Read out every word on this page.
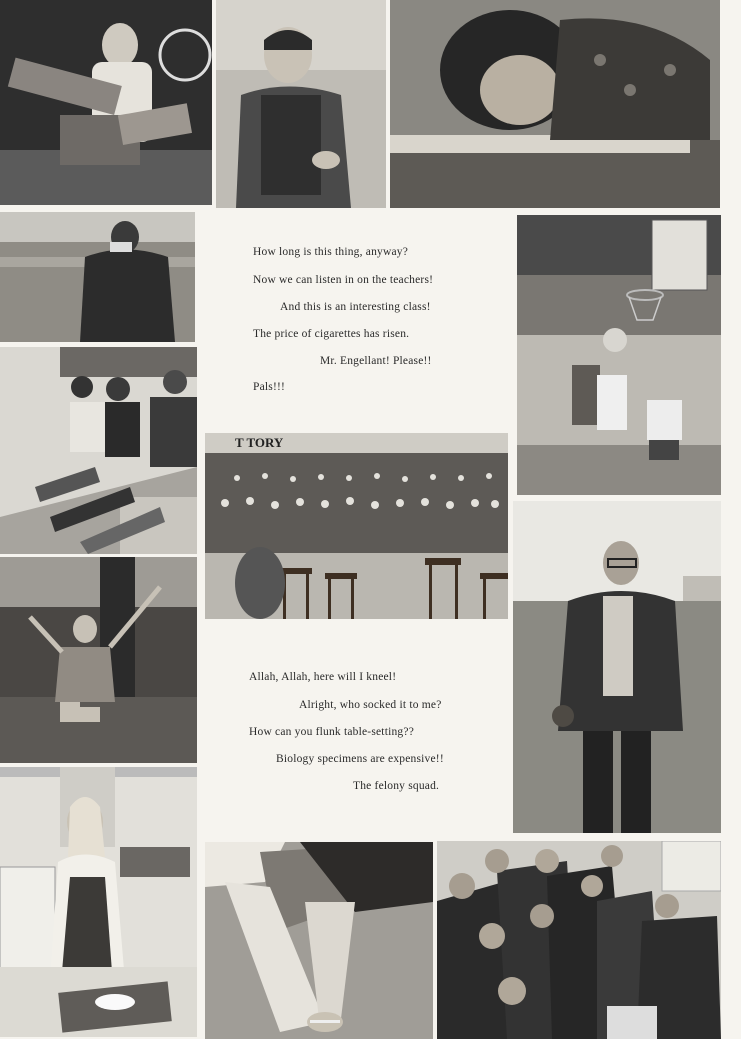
How long is this thing, anyway?
Now we can listen in on the teachers!
And this is an interesting class!
The price of cigarettes has risen.
Mr. Engellant! Please!!
Pals!!!
T TORY
Allah, Allah, here will I kneel!
Alright, who socked it to me?
How can you flunk table-setting??
Biology specimens are expensive!!
The felony squad.
